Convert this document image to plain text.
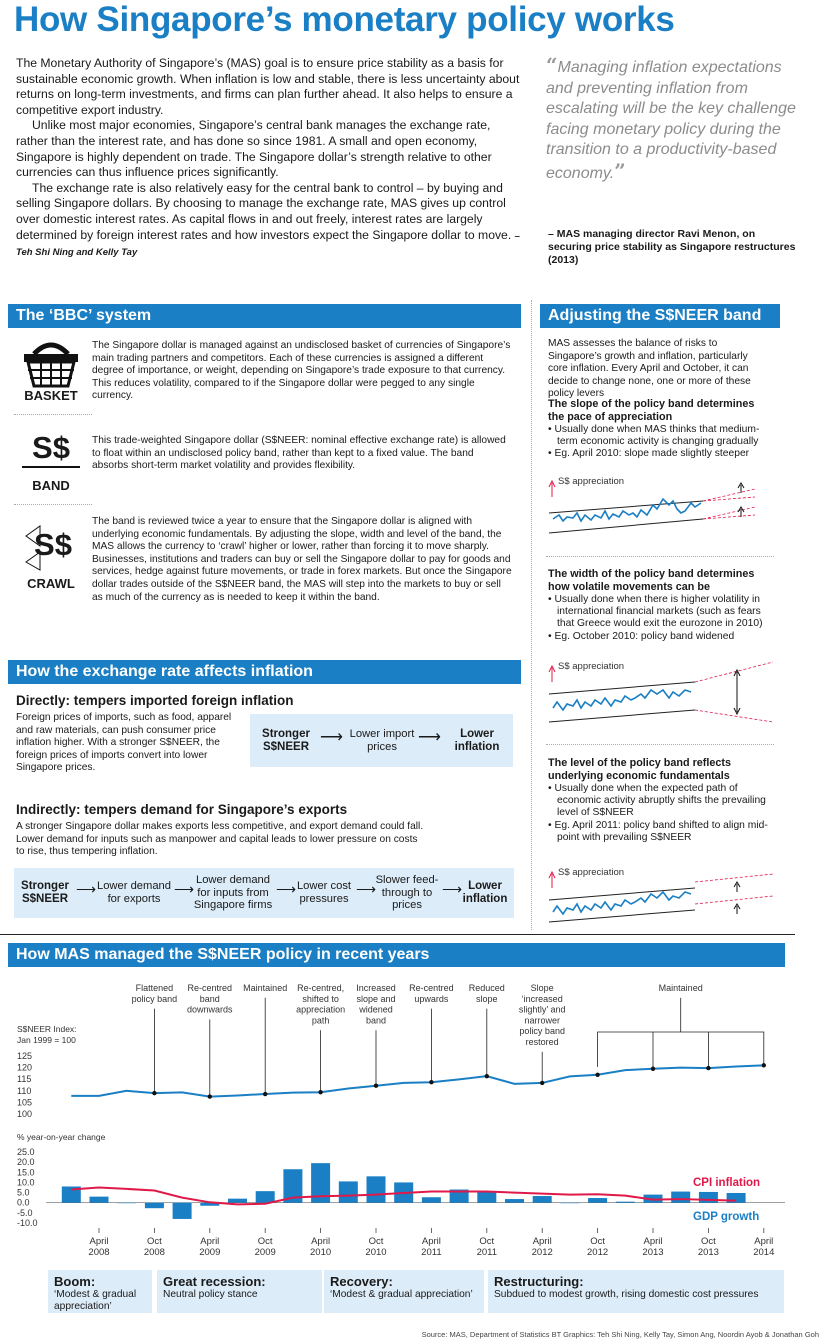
How Singapore’s monetary policy works

The Monetary Authority of Singapore’s (MAS) goal is to ensure price stability as a basis for sustainable economic growth. When inflation is low and stable, there is less uncertainty about returns on long-term investments, and firms can plan further ahead. It also helps to ensure a competitive export industry.

Unlike most major economies, Singapore’s central bank manages the exchange rate, rather than the interest rate, and has done so since 1981. A small and open economy, Singapore is highly dependent on trade. The Singapore dollar’s strength relative to other currencies can thus influence prices significantly.

The exchange rate is also relatively easy for the central bank to control – by buying and selling Singapore dollars. By choosing to manage the exchange rate, MAS gives up control over domestic interest rates. As capital flows in and out freely, interest rates are largely determined by foreign interest rates and how investors expect the Singapore dollar to move. – Teh Shi Ning and Kelly Tay

“Managing inflation expectations and preventing inflation from escalating will be the key challenge facing monetary policy during the transition to a productivity-based economy.”
– MAS managing director Ravi Menon, on securing price stability as Singapore restructures (2013)
The ‘BBC’ system
BASKET
The Singapore dollar is managed against an undisclosed basket of currencies of Singapore’s main trading partners and competitors. Each of these currencies is assigned a different degree of importance, or weight, depending on Singapore’s trade exposure to that currency. This reduces volatility, compared to if the Singapore dollar were pegged to any single currency.
S$
BAND
This trade-weighted Singapore dollar (S$NEER: nominal effective exchange rate) is allowed to float within an undisclosed policy band, rather than kept to a fixed value. The band absorbs short-term market volatility and provides flexibility.
S$
CRAWL
The band is reviewed twice a year to ensure that the Singapore dollar is aligned with underlying economic fundamentals. By adjusting the slope, width and level of the band, the MAS allows the currency to ‘crawl’ higher or lower, rather than forcing it to move sharply. Businesses, institutions and traders can buy or sell the Singapore dollar to pay for goods and services, hedge against future movements, or trade in forex markets. But once the Singapore dollar trades outside of the S$NEER band, the MAS will step into the markets to buy or sell as much of the currency as is needed to keep it within the band.
How the exchange rate affects inflation
Directly: tempers imported foreign inflation
Foreign prices of imports, such as food, apparel and raw materials, can push consumer price inflation higher. With a stronger S$NEER, the foreign prices of imports convert into lower Singapore prices.
Stronger S$NEER
⟶ Lower import prices
⟶	Lower inflation
Indirectly: tempers demand for Singapore’s exports
A stronger Singapore dollar makes exports less competitive, and export demand could fall. Lower demand for inputs such as manpower and capital leads to lower pressure on costs to rise, thus tempering inflation.
Stronger S$NEER
⟶ Lower demand for exports
⟶
Lower demand for inputs from Singapore firms
⟶ Lower cost pressures
⟶
Slower feed-through to prices
⟶ Lower inflation
Adjusting the S$NEER band
MAS assesses the balance of risks to Singapore’s growth and inflation, particularly core inflation. Every April and October, it can decide to change none, one or more of these policy levers
The slope of the policy band determines the pace of appreciation
• Usually done when MAS thinks that medium-term economic activity is changing gradually
• Eg. April 2010: slope made slightly steeper
S$ appreciation
The width of the policy band determines how volatile movements can be
• Usually done when there is higher volatility in international financial markets (such as fears that Greece would exit the eurozone in 2010)
• Eg. October 2010: policy band widened
S$ appreciation
The level of the policy band reflects underlying economic fundamentals
• Usually done when the expected path of economic activity abruptly shifts the prevailing level of S$NEER
• Eg. April 2011: policy band shifted to align mid-point with prevailing S$NEER
S$ appreciation
How MAS managed the S$NEER policy in recent years
S$NEER Index:
Jan 1999 = 100
125
120
115
110
105
100
Flattened
policy band
Re-centred
band
downwards
Maintained Re-centred,
shifted to
appreciation
path
Increased
slope and
widened
band
Re-centred
upwards
Reduced
slope
Slope
‘increased
slightly’ and
narrower
policy band
restored
Maintained
% year-on-year change
25.0
20.0
15.0
10.0
5.0
0.0
-5.0
-10.0
CPI inflation
GDP growth
April
2008
Oct
2008
April
2009
Oct
2009
April
2010
Oct
2010
April
2011
Oct
2011
April
2012
Oct
2012
April
2013
Oct
2013
April
2014
Boom:
‘Modest & gradual appreciation’
Great recession:
Neutral policy stance
Recovery:
‘Modest & gradual appreciation’
Restructuring:
Subdued to modest growth, rising domestic cost pressures
Source: MAS, Department of Statistics BT Graphics: Teh Shi Ning, Kelly Tay, Simon Ang, Noordin Ayob & Jonathan Goh
